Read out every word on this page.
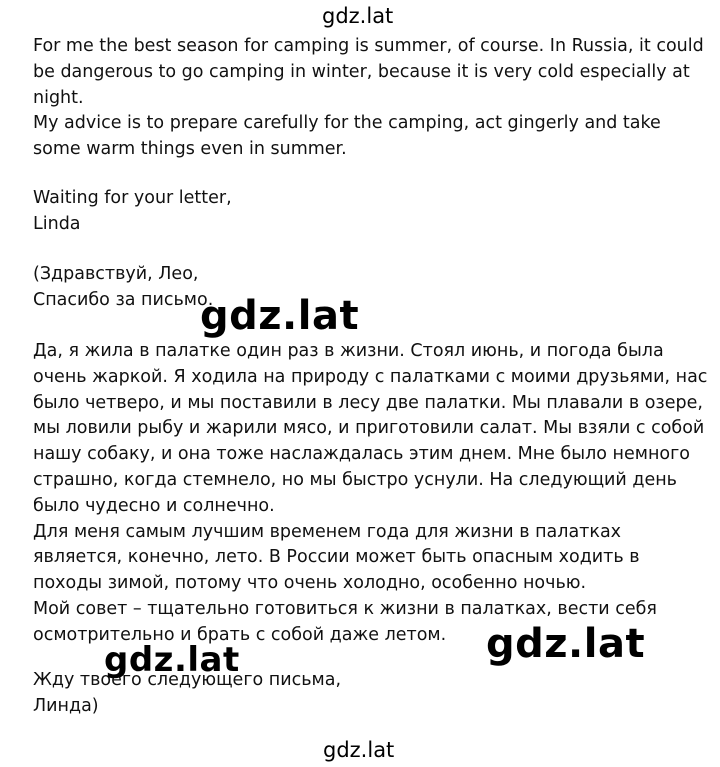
gdz.lat
gdz.lat
For me the best season for camping is summer, of course. In Russia, it could
be dangerous to go camping in winter, because it is very cold especially at
night.
My advice is to prepare carefully for the camping, act gingerly and take
some warm things even in summer.
Waiting for your letter,
Linda
(Здравствуй, Лео,
Спасибо за письмо.
Да, я жила в палатке один раз в жизни. Стоял июнь, и погода была
очень жаркой. Я ходила на природу с палатками с моими друзьями, нас
было четверо, и мы поставили в лесу две палатки. Мы плавали в озере,
мы ловили рыбу и жарили мясо, и приготовили салат. Мы взяли с собой
нашу собаку, и она тоже наслаждалась этим днем. Мне было немного
страшно, когда стемнело, но мы быстро уснули. На следующий день
было чудесно и солнечно.
Для меня самым лучшим временем года для жизни в палатках
является, конечно, лето. В России может быть опасным ходить в
походы зимой, потому что очень холодно, особенно ночью.
Мой совет – тщательно готовиться к жизни в палатках, вести себя
осмотрительно и брать с собой даже летом.
Жду твоего следующего письма,
Линда)
gdz.lat
gdz.lat	gdz.lat
